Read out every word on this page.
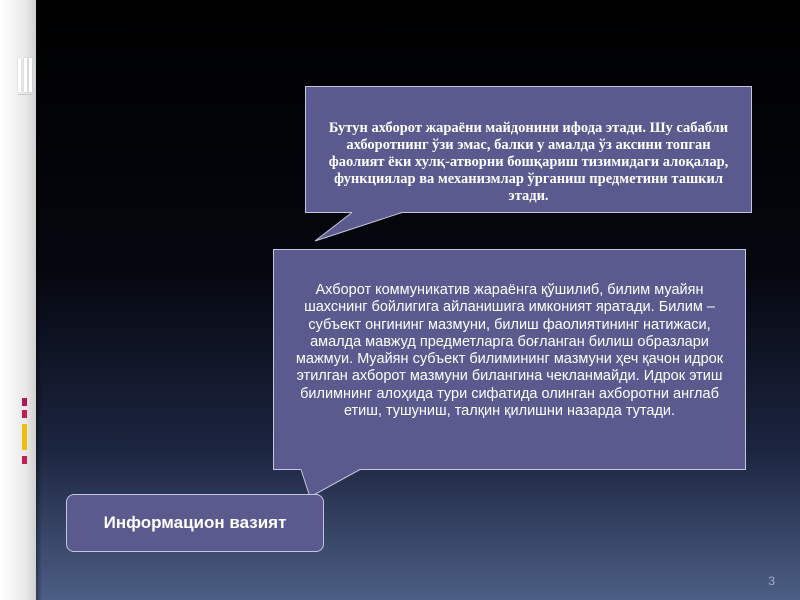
Бутун ахборот жараёни майдонини ифода этади. Шу сабабли ахборотнинг ўзи эмас, балки у амалда ўз аксини топган фаолият ёки хулқ-атворни бошқариш тизимидаги алоқалар, функциялар ва механизмлар ўрганиш предметини ташкил этади.
Ахборот коммуникатив жараёнга қўшилиб, билим муайян шахснинг бойлигига айланишига имконият яратади. Билим – субъект онгининг мазмуни, билиш фаолиятининг натижаси, амалда мавжуд предметларга боғланган билиш образлари мажмуи. Муайян субъект билимининг мазмуни ҳеч қачон идрок этилган ахборот мазмуни билангина чекланмайди. Идрок этиш билимнинг алоҳида тури сифатида олинган ахборотни англаб етиш, тушуниш, талқин қилишни назарда тутади.
Информацион вазият
3
